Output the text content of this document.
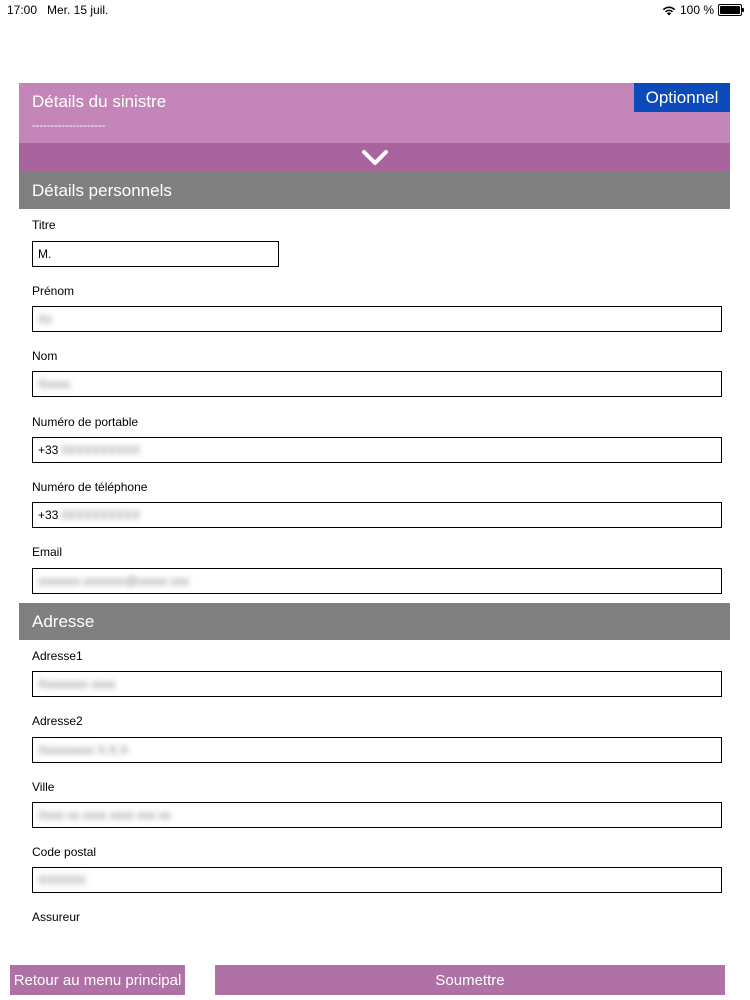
17:00 Mer. 15 juil.	100 %
Détails du sinistre
--------------------
Optionnel
Détails personnels
Titre
M.
Prénom
Xx
Nom
Xxxxx
Numéro de portable
+33 0XXXXXXXXX
Numéro de téléphone
+33 0XXXXXXXXX
Email
xxxxxxx.xxxxxxx@xxxxx.xxx
Adresse
Adresse1
Xxxxxxxx xxxx
Adresse2
Xxxxxxxxx X.X.X
Ville
Xxxx xx xxxx xxxx xxx xx
Code postal
XXXXXX
Assureur
Retour au menu principal	Soumettre
